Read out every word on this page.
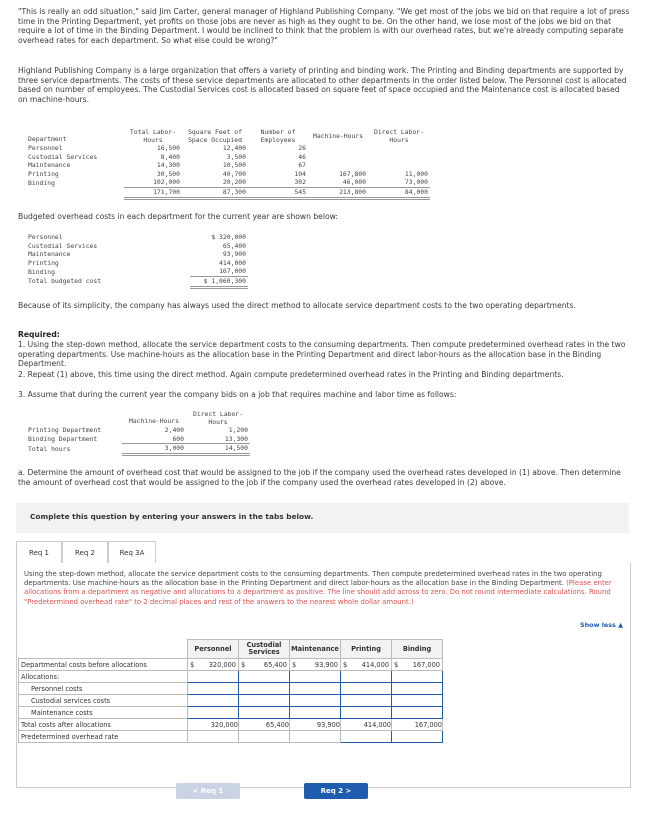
"This is really an odd situation," said Jim Carter, general manager of Highland Publishing Company. "We get most of the jobs we bid on that require a lot of press time in the Printing Department, yet profits on those jobs are never as high as they ought to be. On the other hand, we lose most of the jobs we bid on that require a lot of time in the Binding Department. I would be inclined to think that the problem is with our overhead rates, but we're already computing separate overhead rates for each department. So what else could be wrong?"
Highland Publishing Company is a large organization that offers a variety of printing and binding work. The Printing and Binding departments are supported by three service departments. The costs of these service departments are allocated to other departments in the order listed below. The Personnel cost is allocated based on number of employees. The Custodial Services cost is allocated based on square feet of space occupied and the Maintenance cost is allocated based on machine-hours.
Department	Total Labor-Hours	Square Feet of Space Occupied	Number of Employees	Machine-Hours	Direct Labor-Hours
Personnel	16,500	12,400	26		
Custodial Services	8,400	3,500	46		
Maintenance	14,300	10,500	67		
Printing	30,500	40,700	104	167,800	11,000
Binding	102,000	20,200	302	46,000	73,000
	171,700	87,300	545	213,800	84,000
Budgeted overhead costs in each department for the current year are shown below:
Personnel	$ 320,000
Custodial Services	65,400
Maintenance	93,900
Printing	414,000
Binding	167,000
Total budgeted cost	$ 1,060,300
Because of its simplicity, the company has always used the direct method to allocate service department costs to the two operating departments.
Required:
1. Using the step-down method, allocate the service department costs to the consuming departments. Then compute predetermined overhead rates in the two operating departments. Use machine-hours as the allocation base in the Printing Department and direct labor-hours as the allocation base in the Binding Department.
2. Repeat (1) above, this time using the direct method. Again compute predetermined overhead rates in the Printing and Binding departments.
3. Assume that during the current year the company bids on a job that requires machine and labor time as follows:
	Machine-Hours	Direct Labor-Hours
Printing Department	2,400	1,200
Binding Department	600	13,300
Total hours	3,000	14,500
a. Determine the amount of overhead cost that would be assigned to the job if the company used the overhead rates developed in (1) above. Then determine the amount of overhead cost that would be assigned to the job if the company used the overhead rates developed in (2) above.
Complete this question by entering your answers in the tabs below.
Req 1	Req 2	Req 3A
Using the step-down method, allocate the service department costs to the consuming departments. Then compute predetermined overhead rates in the two operating departments. Use machine-hours as the allocation base in the Printing Department and direct labor-hours as the allocation base in the Binding Department. (Please enter allocations from a department as negative and allocations to a department as positive. The line should add across to zero. Do not round intermediate calculations. Round "Predetermined overhead rate" to 2 decimal places and rest of the answers to the nearest whole dollar amount.)
Show less ▲
	Personnel	Custodial Services	Maintenance	Printing	Binding
Departmental costs before allocations	$ 320,000	$ 65,400	$ 93,900	$ 414,000	$ 167,000

Allocations:					
Personnel costs					
Custodial services costs					
Maintenance costs					
Total costs after allocations	320,000	65,400	93,900	414,000	167,000
Predetermined overhead rate					
< Req 1	Req 2 >
